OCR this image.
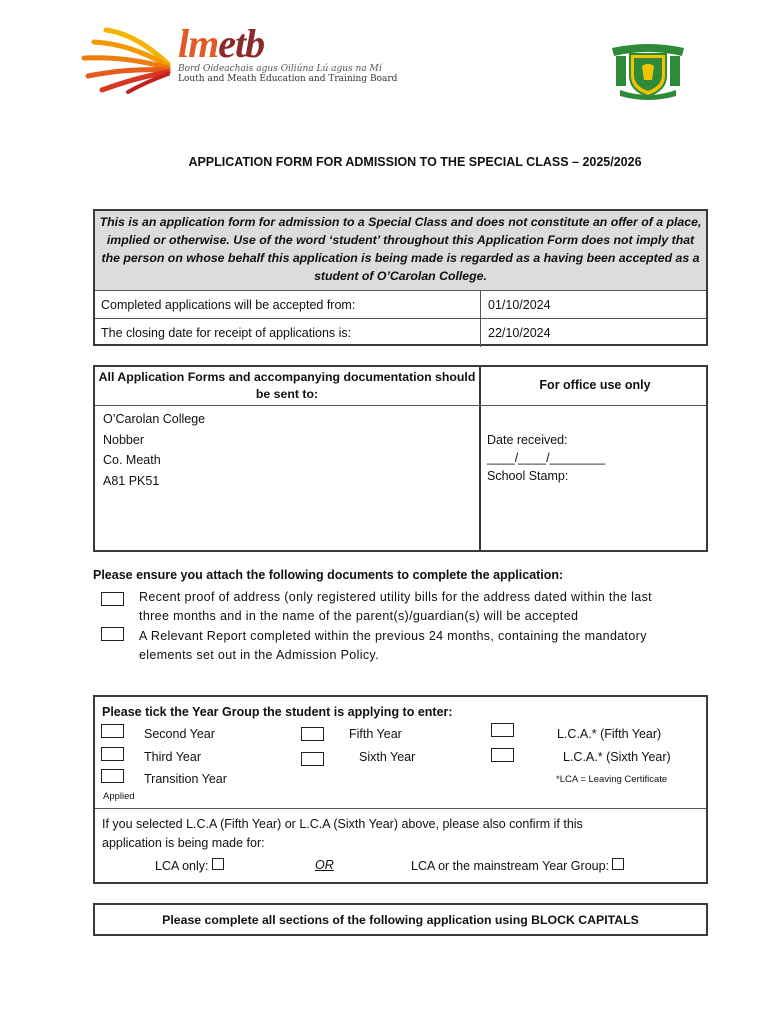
lmetb
Bord Oideachais agus Oiliúna Lú agus na Mí
Louth and Meath Education and Training Board
APPLICATION FORM FOR ADMISSION TO THE SPECIAL CLASS – 2025/2026
This is an application form for admission to a Special Class and does not constitute an offer of a place, implied or otherwise. Use of the word ‘student’ throughout this Application Form does not imply that the person on whose behalf this application is being made is regarded as a having been accepted as a student of O’Carolan College.
Completed applications will be accepted from:	01/10/2024
The closing date for receipt of applications is:	22/10/2024
All Application Forms and accompanying documentation should be sent to:
For office use only
O’Carolan College
Nobber
Co. Meath
A81 PK51
Date received:
____/____/________
School Stamp:
Please ensure you attach the following documents to complete the application:
Recent proof of address (only registered utility bills for the address dated within the last
three months and in the name of the parent(s)/guardian(s) will be accepted
A Relevant Report completed within the previous 24 months, containing the mandatory
elements set out in the Admission Policy.
Please tick the Year Group the student is applying to enter:
Second Year
Third Year
Transition Year
Applied
Fifth Year
Sixth Year
L.C.A.* (Fifth Year)
L.C.A.* (Sixth Year)
*LCA = Leaving Certificate
If you selected L.C.A (Fifth Year) or L.C.A (Sixth Year) above, please also confirm if this
application is being made for:
LCA only:	OR	LCA or the mainstream Year Group:
Please complete all sections of the following application using BLOCK CAPITALS
